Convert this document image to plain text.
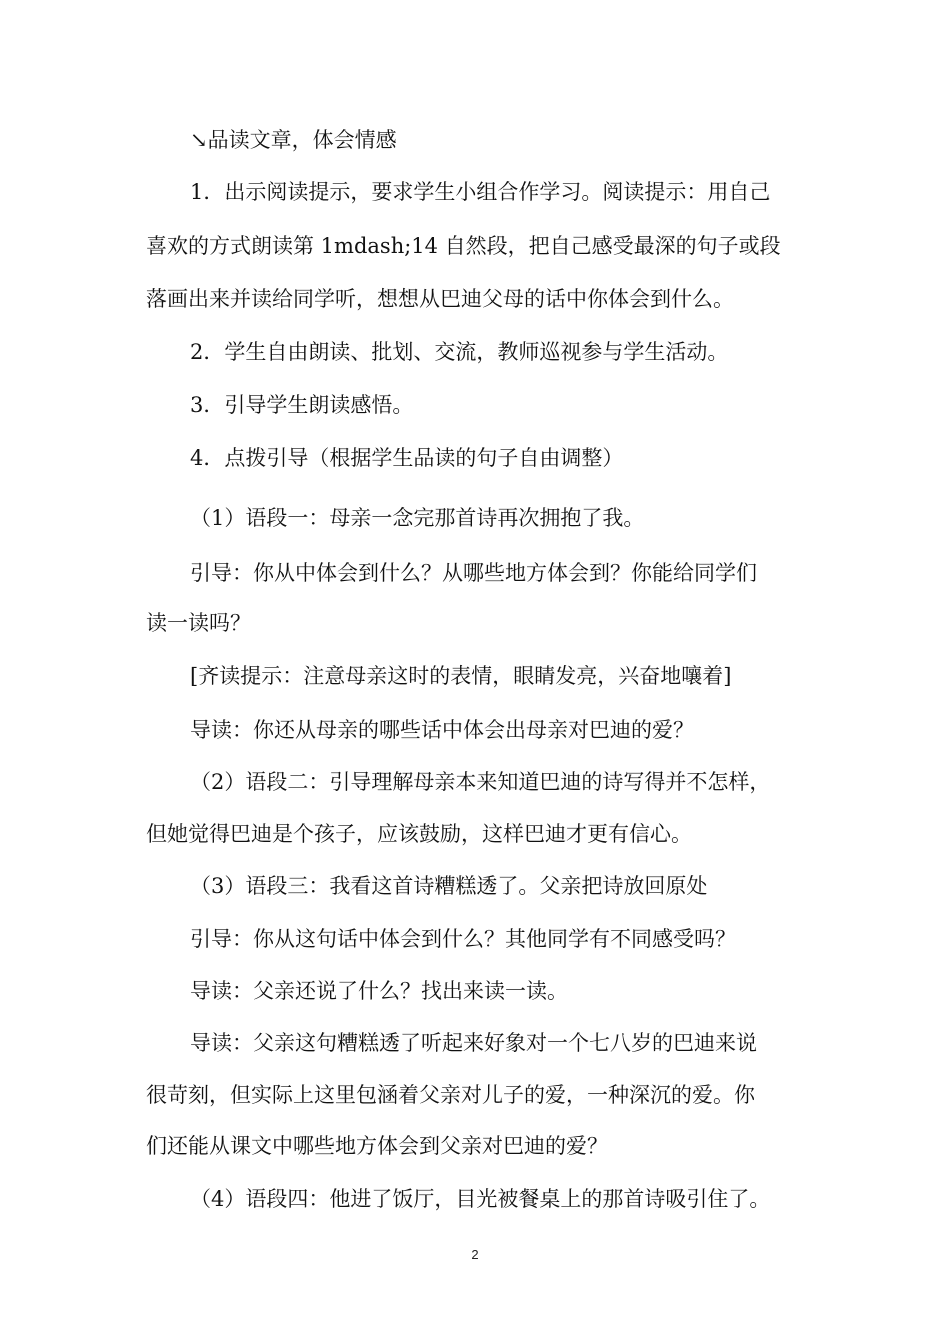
↘品读文章，体会情感
1．出示阅读提示，要求学生小组合作学习。阅读提示：用自己
喜欢的方式朗读第 1mdash;14 自然段，把自己感受最深的句子或段
落画出来并读给同学听，想想从巴迪父母的话中你体会到什么。
2．学生自由朗读、批划、交流，教师巡视参与学生活动。
3．引导学生朗读感悟。
4．点拨引导（根据学生品读的句子自由调整）
（1）语段一：母亲一念完那首诗再次拥抱了我。
引导：你从中体会到什么？从哪些地方体会到？你能给同学们
读一读吗？
[齐读提示：注意母亲这时的表情，眼睛发亮，兴奋地嚷着]
导读：你还从母亲的哪些话中体会出母亲对巴迪的爱？
（2）语段二：引导理解母亲本来知道巴迪的诗写得并不怎样，
但她觉得巴迪是个孩子，应该鼓励，这样巴迪才更有信心。
（3）语段三：我看这首诗糟糕透了。父亲把诗放回原处
引导：你从这句话中体会到什么？其他同学有不同感受吗？
导读：父亲还说了什么？找出来读一读。
导读：父亲这句糟糕透了听起来好象对一个七八岁的巴迪来说
很苛刻，但实际上这里包涵着父亲对儿子的爱，一种深沉的爱。你
们还能从课文中哪些地方体会到父亲对巴迪的爱？
（4）语段四：他进了饭厅，目光被餐桌上的那首诗吸引住了。
2
